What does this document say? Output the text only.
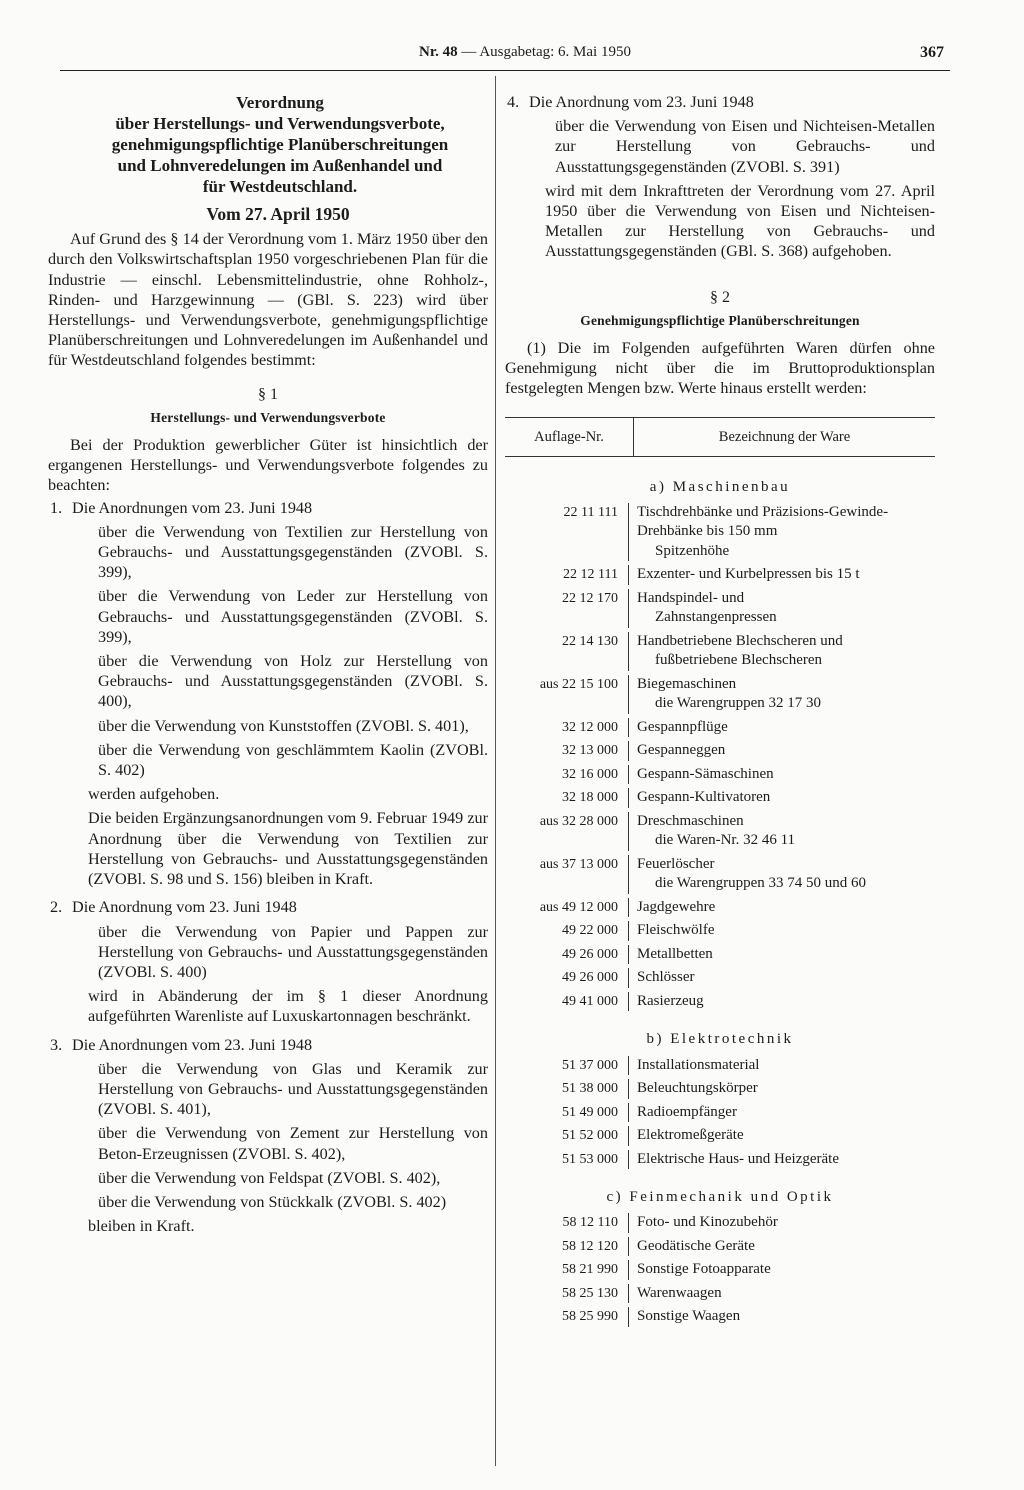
Nr. 48 — Ausgabetag: 6. Mai 1950	367
Verordnung
über Herstellungs- und Verwendungsverbote,
genehmigungspflichtige Planüberschreitungen
und Lohnveredelungen im Außenhandel und
für Westdeutschland.
Vom 27. April 1950

Auf Grund des § 14 der Verordnung vom 1. März 1950 über den durch den Volkswirtschaftsplan 1950 vorgeschriebenen Plan für die Industrie — einschl. Lebensmittelindustrie, ohne Rohholz-, Rinden- und Harzgewinnung — (GBl. S. 223) wird über Herstellungs- und Verwendungsverbote, genehmigungspflichtige Planüberschreitungen und Lohnveredelungen im Außenhandel und für Westdeutschland folgendes bestimmt:

§ 1
Herstellungs- und Verwendungsverbote

Bei der Produktion gewerblicher Güter ist hinsichtlich der ergangenen Herstellungs- und Verwendungsverbote folgendes zu beachten:

1. Die Anordnungen vom 23. Juni 1948
über die Verwendung von Textilien zur Herstellung von Gebrauchs- und Ausstattungsgegenständen (ZVOBl. S. 399),
über die Verwendung von Leder zur Herstellung von Gebrauchs- und Ausstattungsgegenständen (ZVOBl. S. 399),
über die Verwendung von Holz zur Herstellung von Gebrauchs- und Ausstattungsgegenständen (ZVOBl. S. 400),
über die Verwendung von Kunststoffen (ZVOBl. S. 401),
über die Verwendung von geschlämmtem Kaolin (ZVOBl. S. 402)
werden aufgehoben.
Die beiden Ergänzungsanordnungen vom 9. Februar 1949 zur Anordnung über die Verwendung von Textilien zur Herstellung von Gebrauchs- und Ausstattungsgegenständen (ZVOBl. S. 98 und S. 156) bleiben in Kraft.
2. Die Anordnung vom 23. Juni 1948
über die Verwendung von Papier und Pappen zur Herstellung von Gebrauchs- und Ausstattungsgegenständen (ZVOBl. S. 400)
wird in Abänderung der im § 1 dieser Anordnung aufgeführten Warenliste auf Luxuskartonnagen beschränkt.
3. Die Anordnungen vom 23. Juni 1948
über die Verwendung von Glas und Keramik zur Herstellung von Gebrauchs- und Ausstattungsgegenständen (ZVOBl. S. 401),
über die Verwendung von Zement zur Herstellung von Beton-Erzeugnissen (ZVOBl. S. 402),
über die Verwendung von Feldspat (ZVOBl. S. 402),
über die Verwendung von Stückkalk (ZVOBl. S. 402)
bleiben in Kraft.
4. Die Anordnung vom 23. Juni 1948
über die Verwendung von Eisen und Nichteisen-Metallen zur Herstellung von Gebrauchs- und Ausstattungsgegenständen (ZVOBl. S. 391)
wird mit dem Inkrafttreten der Verordnung vom 27. April 1950 über die Verwendung von Eisen und Nichteisen-Metallen zur Herstellung von Gebrauchs- und Ausstattungsgegenständen (GBl. S. 368) aufgehoben.
§ 2
Genehmigungspflichtige Planüberschreitungen

(1) Die im Folgenden aufgeführten Waren dürfen ohne Genehmigung nicht über die im Bruttoproduktionsplan festgelegten Mengen bzw. Werte hinaus erstellt werden:

Auflage-Nr.	Bezeichnung der Ware
a) Maschinenbau
22 11 111	Tischdrehbänke und Präzisions-Gewinde-Drehbänke bis 150 mm
Spitzenhöhe
22 12 111	Exzenter- und Kurbelpressen bis 15 t
22 12 170	Handspindel- und
Zahnstangenpressen
22 14 130	Handbetriebene Blechscheren und
fußbetriebene Blechscheren
aus 22 15 100	Biegemaschinen
die Warengruppen 32 17 30
32 12 000	Gespannpflüge
32 13 000	Gespanneggen
32 16 000	Gespann-Sämaschinen
32 18 000	Gespann-Kultivatoren
aus 32 28 000	Dreschmaschinen
die Waren-Nr. 32 46 11
aus 37 13 000	Feuerlöscher
die Warengruppen 33 74 50 und 60
aus 49 12 000	Jagdgewehre
49 22 000	Fleischwölfe
49 26 000	Metallbetten
49 26 000	Schlösser
49 41 000	Rasierzeug
b) Elektrotechnik
51 37 000	Installationsmaterial
51 38 000	Beleuchtungskörper
51 49 000	Radioempfänger
51 52 000	Elektromeßgeräte
51 53 000	Elektrische Haus- und Heizgeräte
c) Feinmechanik und Optik
58 12 110	Foto- und Kinozubehör
58 12 120	Geodätische Geräte
58 21 990	Sonstige Fotoapparate
58 25 130	Warenwaagen
58 25 990	Sonstige Waagen
